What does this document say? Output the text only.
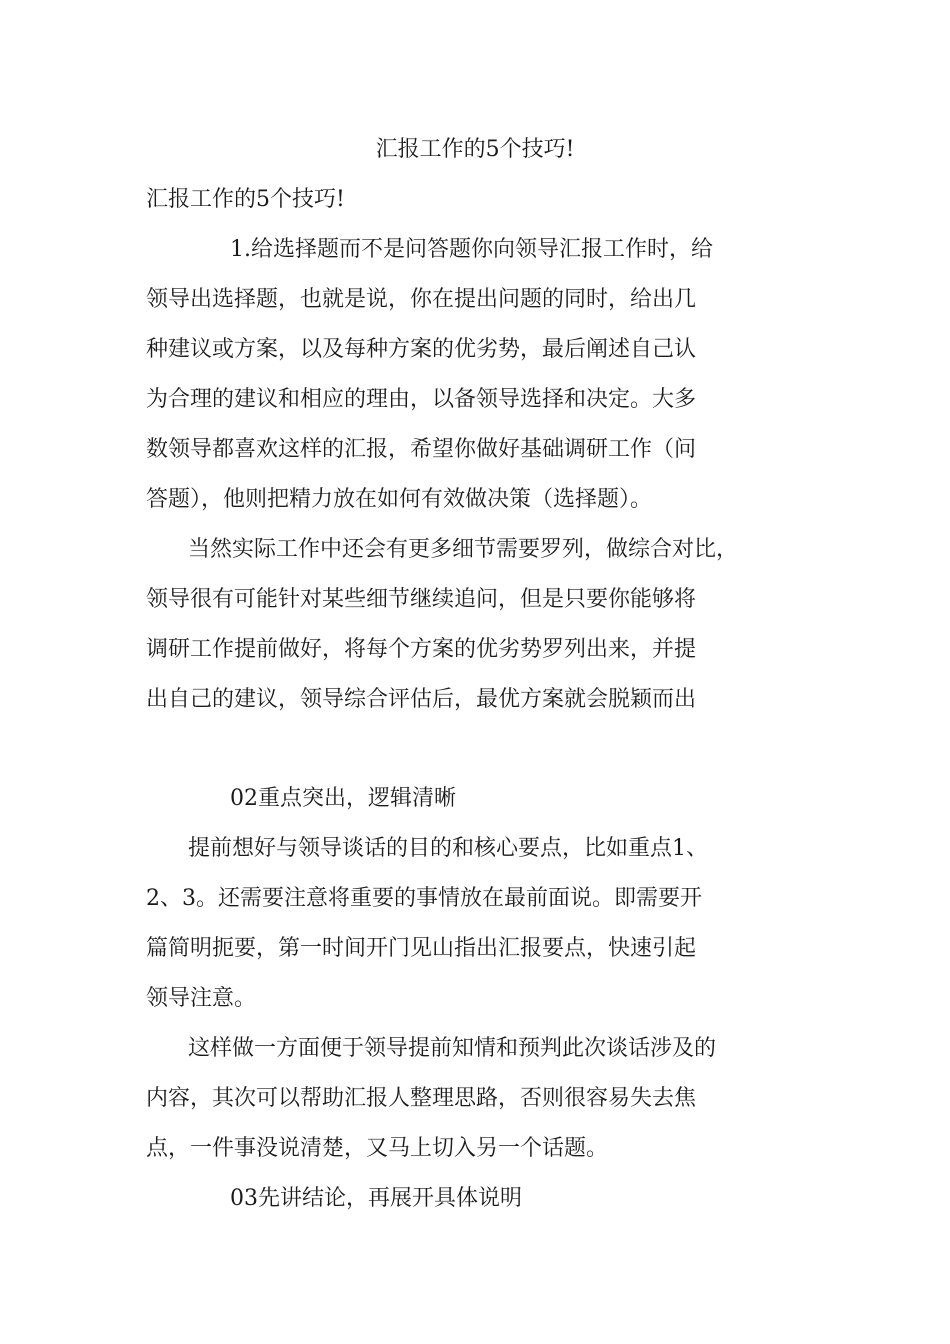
汇报工作的5个技巧!

汇报工作的5个技巧!

1.给选择题而不是问答题你向领导汇报工作时，给

领导出选择题，也就是说，你在提出问题的同时，给出几

种建议或方案，以及每种方案的优劣势，最后阐述自己认

为合理的建议和相应的理由，以备领导选择和决定。大多

数领导都喜欢这样的汇报，希望你做好基础调研工作（问

答题），他则把精力放在如何有效做决策（选择题）。

当然实际工作中还会有更多细节需要罗列，做综合对比，

领导很有可能针对某些细节继续追问，但是只要你能够将

调研工作提前做好，将每个方案的优劣势罗列出来，并提

出自己的建议，领导综合评估后，最优方案就会脱颖而出

02重点突出，逻辑清晰

提前想好与领导谈话的目的和核心要点，比如重点1、

2、3。还需要注意将重要的事情放在最前面说。即需要开

篇简明扼要，第一时间开门见山指出汇报要点，快速引起

领导注意。

这样做一方面便于领导提前知情和预判此次谈话涉及的

内容，其次可以帮助汇报人整理思路，否则很容易失去焦

点，一件事没说清楚，又马上切入另一个话题。

03先讲结论，再展开具体说明
